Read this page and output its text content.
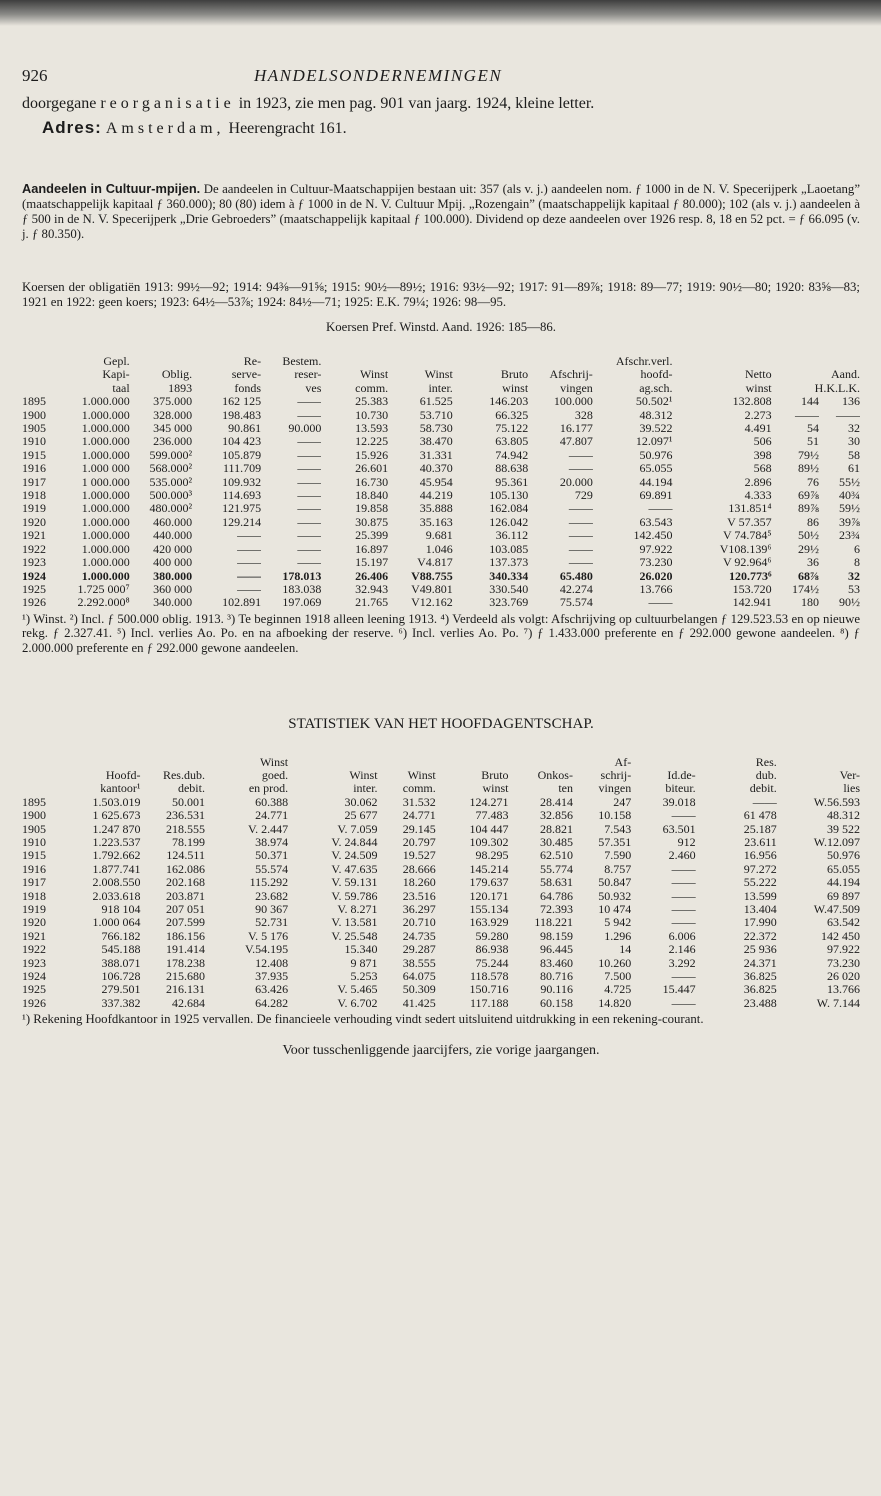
926	HANDELSONDERNEMINGEN
doorgegane reorganisatie in 1923, zie men pag. 901 van jaarg. 1924, kleine letter.
Adres: Amsterdam, Heerengracht 161.
Aandeelen in Cultuur-mpijen. De aandeelen in Cultuur-Maatschappijen bestaan uit: 357 (als v. j.) aandeelen nom. ƒ 1000 in de N. V. Specerijperk „Laoetang” (maatschappelijk kapitaal ƒ 360.000); 80 (80) idem à ƒ 1000 in de N. V. Cultuur Mpij. „Rozengain” (maatschappelijk kapitaal ƒ 80.000); 102 (als v. j.) aandeelen à ƒ 500 in de N. V. Specerijperk „Drie Gebroeders” (maatschappelijk kapitaal ƒ 100.000). Dividend op deze aandeelen over 1926 resp. 8, 18 en 52 pct. = ƒ 66.095 (v. j. ƒ 80.350).
Koersen der obligatiën 1913: 99½—92; 1914: 94⅜—91⅝; 1915: 90½—89½; 1916: 93½—92; 1917: 91—89⅞; 1918: 89—77; 1919: 90½—80; 1920: 83⅝—83; 1921 en 1922: geen koers; 1923: 64½—53⅞; 1924: 84½—71; 1925: E.K. 79¼; 1926: 98—95.
Koersen Pref. Winstd. Aand. 1926: 185—86.
	Gepl.		Re-	Bestem.					Afschr.verl.			
	Kapi-	Oblig.	serve-	reser-	Winst	Winst	Bruto	Afschrij-	hoofd-	Netto	Aand.	
	taal	1893	fonds	ves	comm.	inter.	winst	vingen	ag.sch.	winst	H.K.L.K.	
1895	1.000.000	375.000	162 125	——	25.383	61.525	146.203	100.000	50.502¹	132.808	144	136
1900	1.000.000	328.000	198.483	——	10.730	53.710	66.325	328	48.312	2.273	——	——
1905	1.000.000	345 000	90.861	90.000	13.593	58.730	75.122	16.177	39.522	4.491	54	32
1910	1.000.000	236.000	104 423	——	12.225	38.470	63.805	47.807	12.097¹	506	51	30
1915	1.000.000	599.000²	105.879	——	15.926	31.331	74.942	——	50.976	398	79½	58
1916	1.000 000	568.000²	111.709	——	26.601	40.370	88.638	——	65.055	568	89½	61
1917	1 000.000	535.000²	109.932	——	16.730	45.954	95.361	20.000	44.194	2.896	76	55½
1918	1.000.000	500.000³	114.693	——	18.840	44.219	105.130	729	69.891	4.333	69⅞	40¾
1919	1.000.000	480.000²	121.975	——	19.858	35.888	162.084	——	——	131.851⁴	89⅞	59½
1920	1.000.000	460.000	129.214	——	30.875	35.163	126.042	——	63.543	V 57.357	86	39⅞
1921	1.000.000	440.000	——	——	25.399	9.681	36.112	——	142.450	V 74.784⁵	50½	23¾
1922	1.000.000	420 000	——	——	16.897	1.046	103.085	——	97.922	V108.139⁶	29½	6
1923	1.000.000	400 000	——	——	15.197	V4.817	137.373	——	73.230	V 92.964⁶	36	8
1924	1.000.000	380.000	——	178.013	26.406	V88.755	340.334	65.480	26.020	120.773⁶	68⅞	32
1925	1.725 000⁷	360 000	——	183.038	32.943	V49.801	330.540	42.274	13.766	153.720	174½	53
1926	2.292.000⁸	340.000	102.891	197.069	21.765	V12.162	323.769	75.574	——	142.941	180	90½
¹) Winst. ²) Incl. ƒ 500.000 oblig. 1913. ³) Te beginnen 1918 alleen leening 1913. ⁴) Verdeeld als volgt: Afschrijving op cultuurbelangen ƒ 129.523.53 en op nieuwe rekg. ƒ 2.327.41. ⁵) Incl. verlies Ao. Po. en na afboeking der reserve. ⁶) Incl. verlies Ao. Po. ⁷) ƒ 1.433.000 preferente en ƒ 292.000 gewone aandeelen. ⁸) ƒ 2.000.000 preferente en ƒ 292.000 gewone aandeelen.
STATISTIEK VAN HET HOOFDAGENTSCHAP.
			Winst					Af-		Res.	
	Hoofd-	Res.dub.	goed.	Winst	Winst	Bruto	Onkos-	schrij-	Id.de-	dub.	Ver-
	kantoor¹	debit.	en prod.	inter.	comm.	winst	ten	vingen	biteur.	debit.	lies
1895	1.503.019	50.001	60.388	30.062	31.532	124.271	28.414	247	39.018	——	W.56.593
1900	1 625.673	236.531	24.771	25 677	24.771	77.483	32.856	10.158	——	61 478	48.312
1905	1.247 870	218.555	V. 2.447	V. 7.059	29.145	104 447	28.821	7.543	63.501	25.187	39 522
1910	1.223.537	78.199	38.974	V. 24.844	20.797	109.302	30.485	57.351	912	23.611	W.12.097
1915	1.792.662	124.511	50.371	V. 24.509	19.527	98.295	62.510	7.590	2.460	16.956	50.976
1916	1.877.741	162.086	55.574	V. 47.635	28.666	145.214	55.774	8.757	——	97.272	65.055
1917	2.008.550	202.168	115.292	V. 59.131	18.260	179.637	58.631	50.847	——	55.222	44.194
1918	2.033.618	203.871	23.682	V. 59.786	23.516	120.171	64.786	50.932	——	13.599	69 897
1919	918 104	207 051	90 367	V. 8.271	36.297	155.134	72.393	10 474	——	13.404	W.47.509
1920	1.000 064	207.599	52.731	V. 13.581	20.710	163.929	118.221	5 942	——	17.990	63.542
1921	766.182	186.156	V. 5 176	V. 25.548	24.735	59.280	98.159	1.296	6.006	22.372	142 450
1922	545.188	191.414	V.54.195	15.340	29.287	86.938	96.445	14	2.146	25 936	97.922
1923	388.071	178.238	12.408	9 871	38.555	75.244	83.460	10.260	3.292	24.371	73.230
1924	106.728	215.680	37.935	5.253	64.075	118.578	80.716	7.500	——	36.825	26 020
1925	279.501	216.131	63.426	V. 5.465	50.309	150.716	90.116	4.725	15.447	36.825	13.766
1926	337.382	42.684	64.282	V. 6.702	41.425	117.188	60.158	14.820	——	23.488	W. 7.144
¹) Rekening Hoofdkantoor in 1925 vervallen. De financieele verhouding vindt sedert uitsluitend uitdrukking in een rekening-courant.
Voor tusschenliggende jaarcijfers, zie vorige jaargangen.
